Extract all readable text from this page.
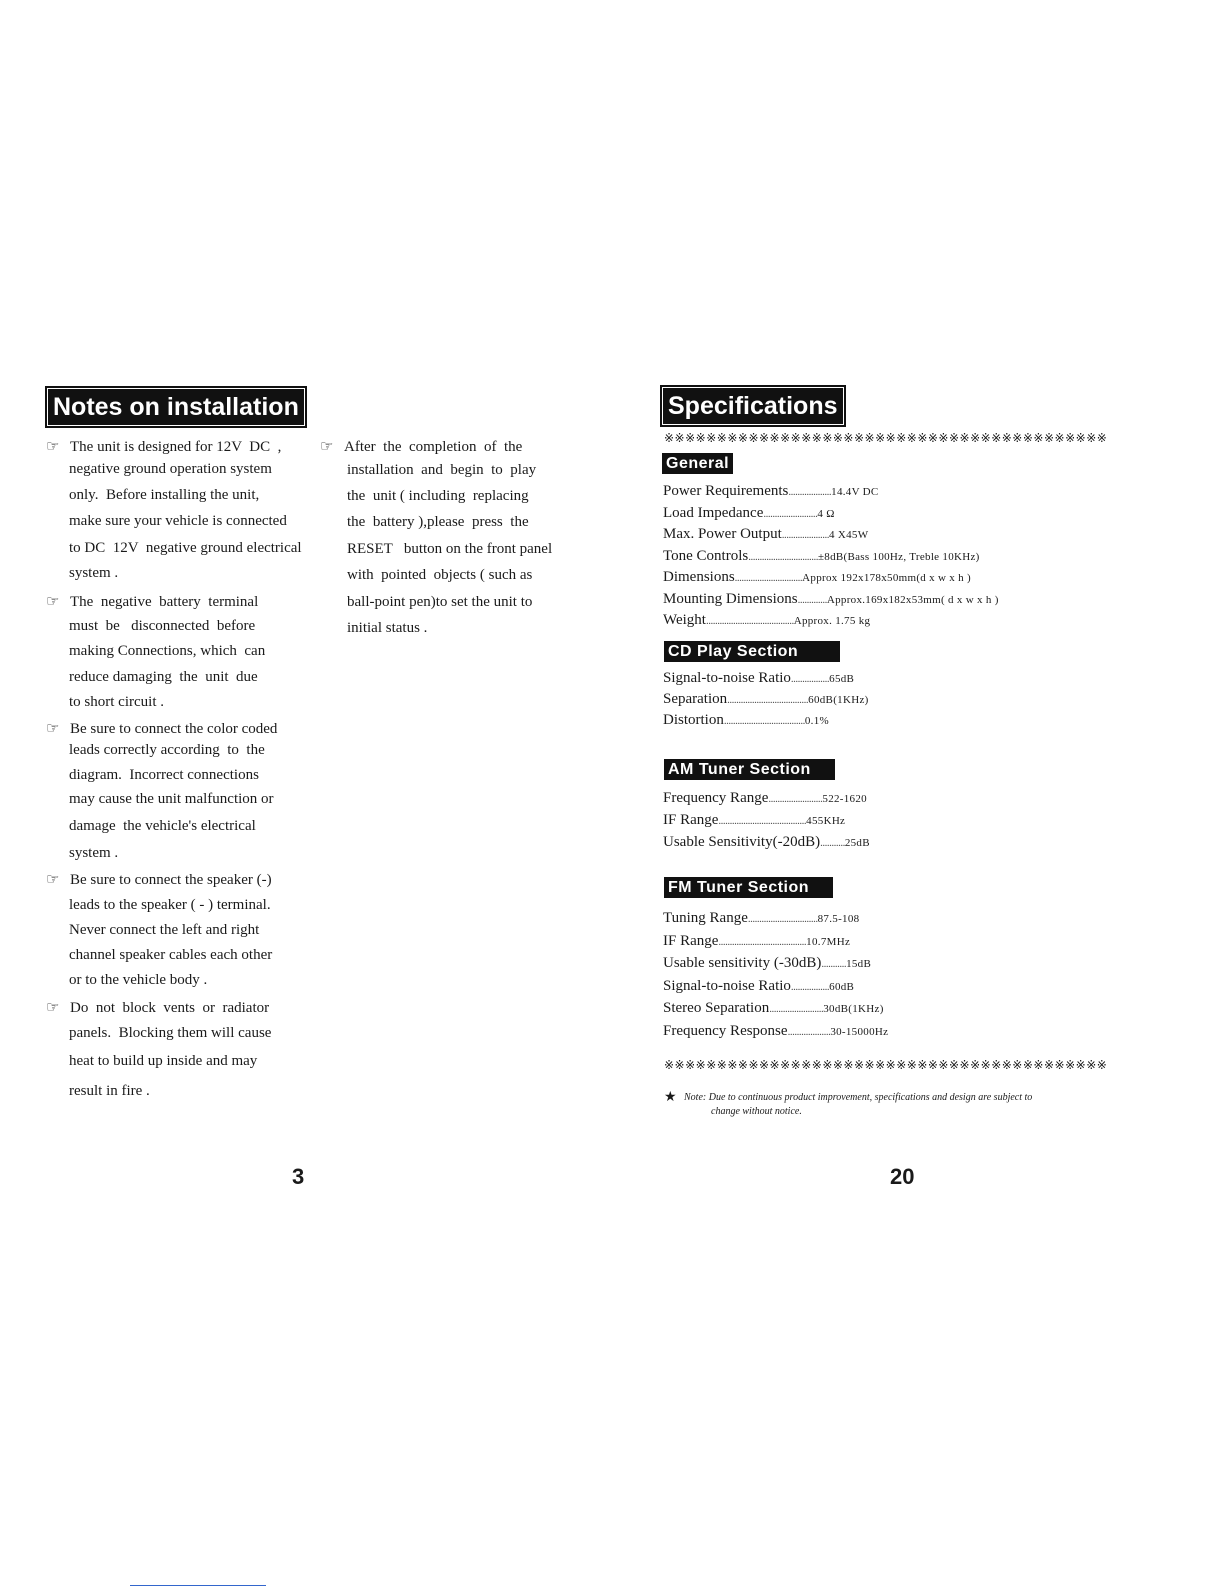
Notes on installation
☞ The unit is designed for 12V  DC  ,
negative ground operation system
only.  Before installing the unit,
make sure your vehicle is connected
to DC  12V  negative ground electrical
system .
☞ The  negative  battery  terminal
must  be   disconnected  before
making Connections, which  can
reduce damaging  the  unit  due
to short circuit .
☞ Be sure to connect the color coded
leads correctly according  to  the
diagram.  Incorrect connections
may cause the unit malfunction or
damage  the vehicle's electrical
system .
☞ Be sure to connect the speaker (-)
leads to the speaker ( - ) terminal.
Never connect the left and right
channel speaker cables each other
or to the vehicle body .
☞ Do  not  block  vents  or  radiator
panels.  Blocking them will cause
heat to build up inside and may
result in fire .
☞ After  the  completion  of  the
installation  and  begin  to  play
the  unit ( including  replacing
the  battery ),please  press  the
RESET   button on the front panel
with  pointed  objects ( such as
ball-point pen)to set the unit to
initial status .
3
Specifications
※※※※※※※※※※※※※※※※※※※※※※※※※※※※※※※※※※※※※※※※※※
General
Power Requirements ................... 14.4V DC
Load Impedance ........................ 4 Ω
Max. Power Output ..................... 4 X45W
Tone Controls ............................... ±8dB(Bass 100Hz, Treble 10KHz)
Dimensions .............................. Approx 192x178x50mm(d x w x h )
Mounting Dimensions ............. Approx.169x182x53mm( d x w x h )
Weight ....................................... Approx. 1.75 kg
CD Play Section
Signal-to-noise Ratio ................. 65dB
Separation .................................... 60dB(1KHz)
Distortion .................................... 0.1%
AM Tuner Section
Frequency Range ........................ 522-1620
IF Range ....................................... 455KHz
Usable Sensitivity(-20dB) ........... 25dB
FM Tuner Section
Tuning Range ............................... 87.5-108
IF Range ....................................... 10.7MHz
Usable sensitivity (-30dB) ........... 15dB
Signal-to-noise Ratio ................. 60dB
Stereo Separation ........................ 30dB(1KHz)
Frequency Response ................... 30-15000Hz
※※※※※※※※※※※※※※※※※※※※※※※※※※※※※※※※※※※※※※※※※※
★ Note: Due to continuous product improvement, specifications and design are subject to
change without notice.
20
